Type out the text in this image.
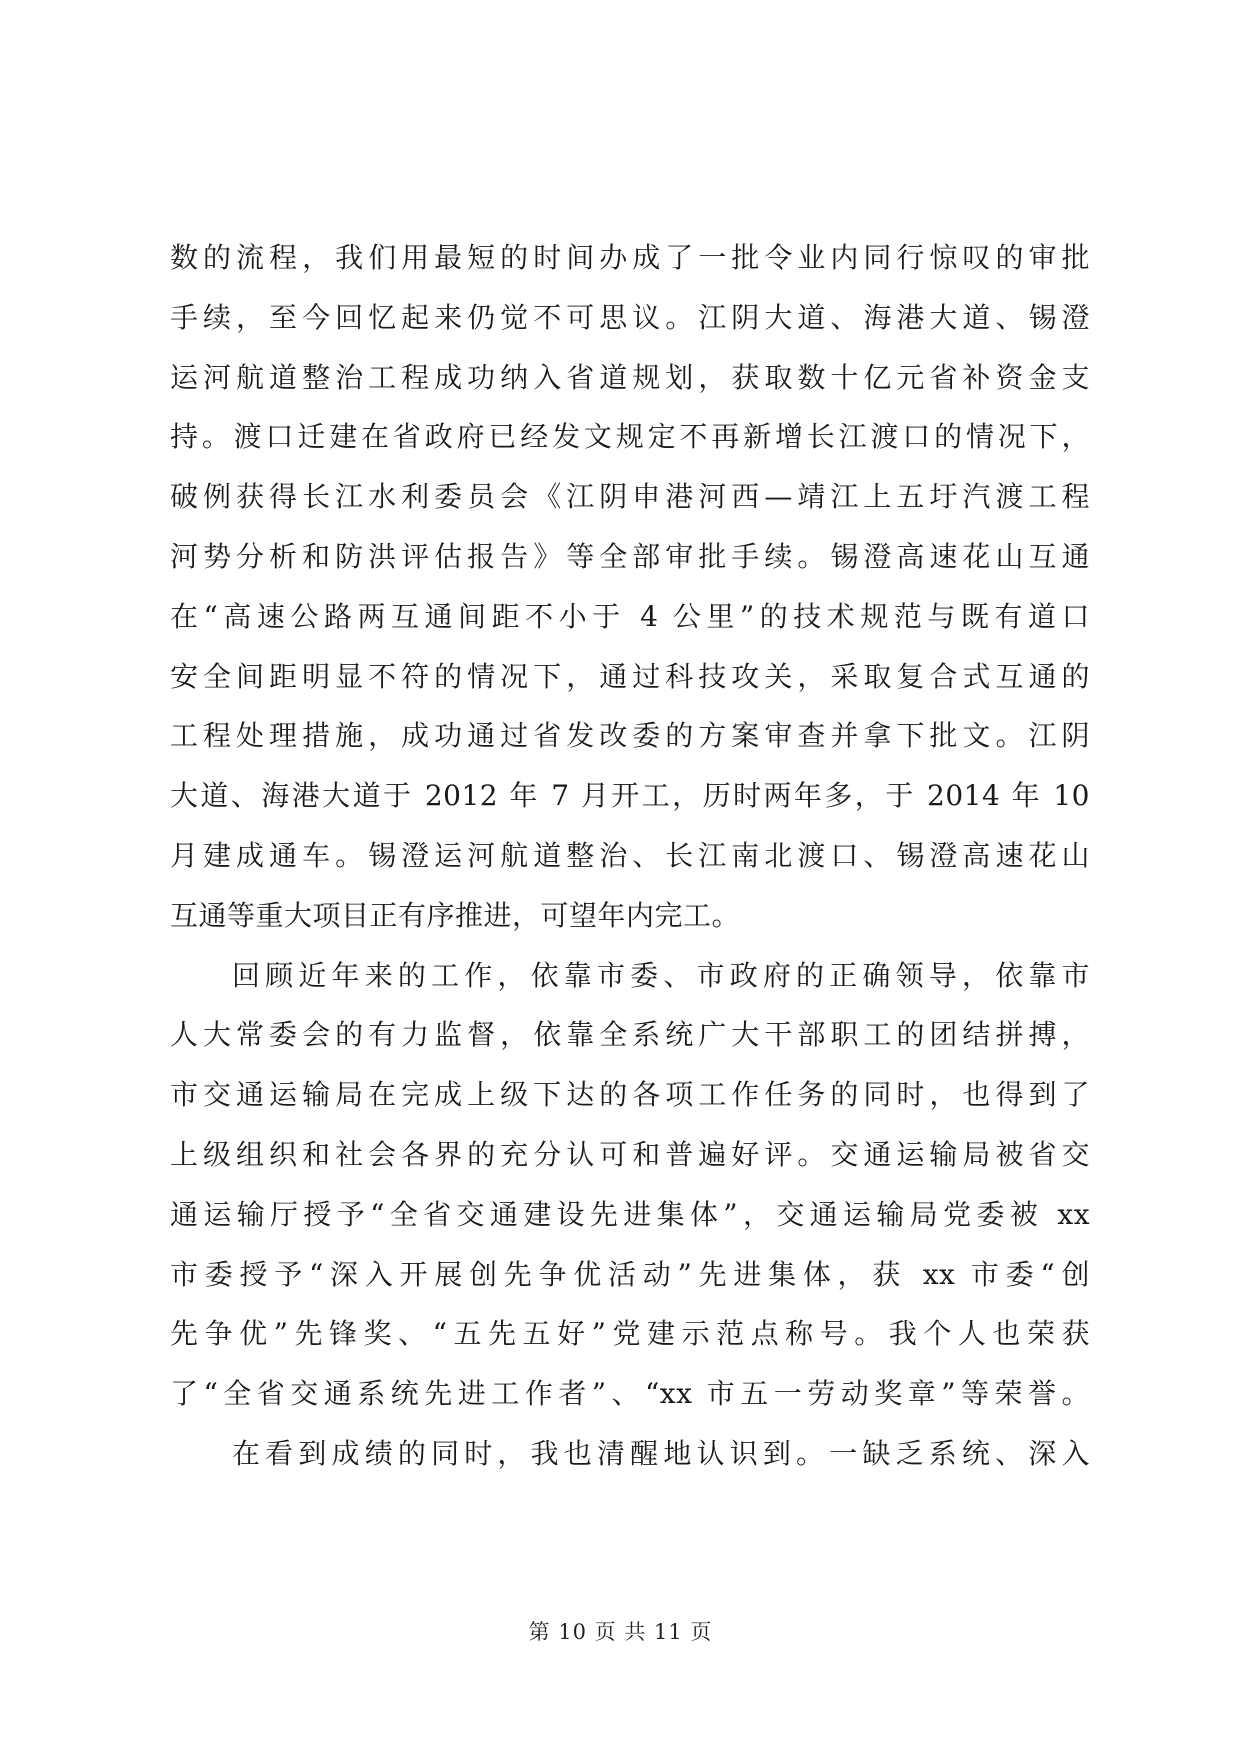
数的流程，我们用最短的时间办成了一批令业内同行惊叹的审批
手续，至今回忆起来仍觉不可思议。江阴大道、海港大道、锡澄
运河航道整治工程成功纳入省道规划，获取数十亿元省补资金支
持。渡口迁建在省政府已经发文规定不再新增长江渡口的情况下，
破例获得长江水利委员会《江阴申港河西—靖江上五圩汽渡工程
河势分析和防洪评估报告》等全部审批手续。锡澄高速花山互通
在“高速公路两互通间距不小于 4 公里”的技术规范与既有道口
安全间距明显不符的情况下，通过科技攻关，采取复合式互通的
工程处理措施，成功通过省发改委的方案审查并拿下批文。江阴
大道、海港大道于 2012 年 7 月开工，历时两年多，于 2014 年 10
月建成通车。锡澄运河航道整治、长江南北渡口、锡澄高速花山
互通等重大项目正有序推进，可望年内完工。
回顾近年来的工作，依靠市委、市政府的正确领导，依靠市
人大常委会的有力监督，依靠全系统广大干部职工的团结拼搏，
市交通运输局在完成上级下达的各项工作任务的同时，也得到了
上级组织和社会各界的充分认可和普遍好评。交通运输局被省交
通运输厅授予“全省交通建设先进集体”，交通运输局党委被 xx
市委授予“深入开展创先争优活动”先进集体，获 xx 市委“创
先争优”先锋奖、“五先五好”党建示范点称号。我个人也荣获
了“全省交通系统先进工作者”、“xx 市五一劳动奖章”等荣誉。
在看到成绩的同时，我也清醒地认识到。一缺乏系统、深入
第 10 页 共 11 页
